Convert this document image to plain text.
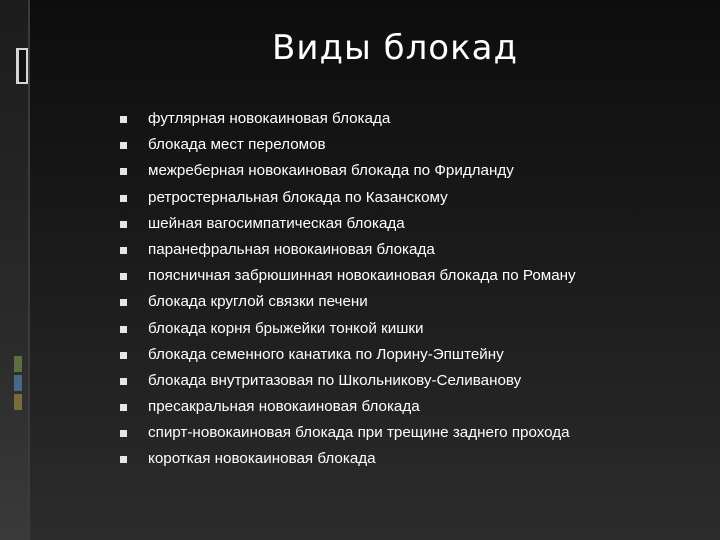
Виды блокад
футлярная новокаиновая блокада
блокада мест переломов
межреберная новокаиновая блокада по Фридланду
ретростернальная блокада по Казанскому
шейная вагосимпатическая блокада
паранефральная новокаиновая блокада
поясничная забрюшинная новокаиновая блокада по Роману
блокада круглой связки печени
блокада корня брыжейки тонкой кишки
блокада семенного канатика по Лорину-Эпштейну
блокада внутритазовая по Школьникову-Селиванову
пресакральная новокаиновая блокада
спирт-новокаиновая блокада при трещине заднего прохода
короткая новокаиновая блокада
